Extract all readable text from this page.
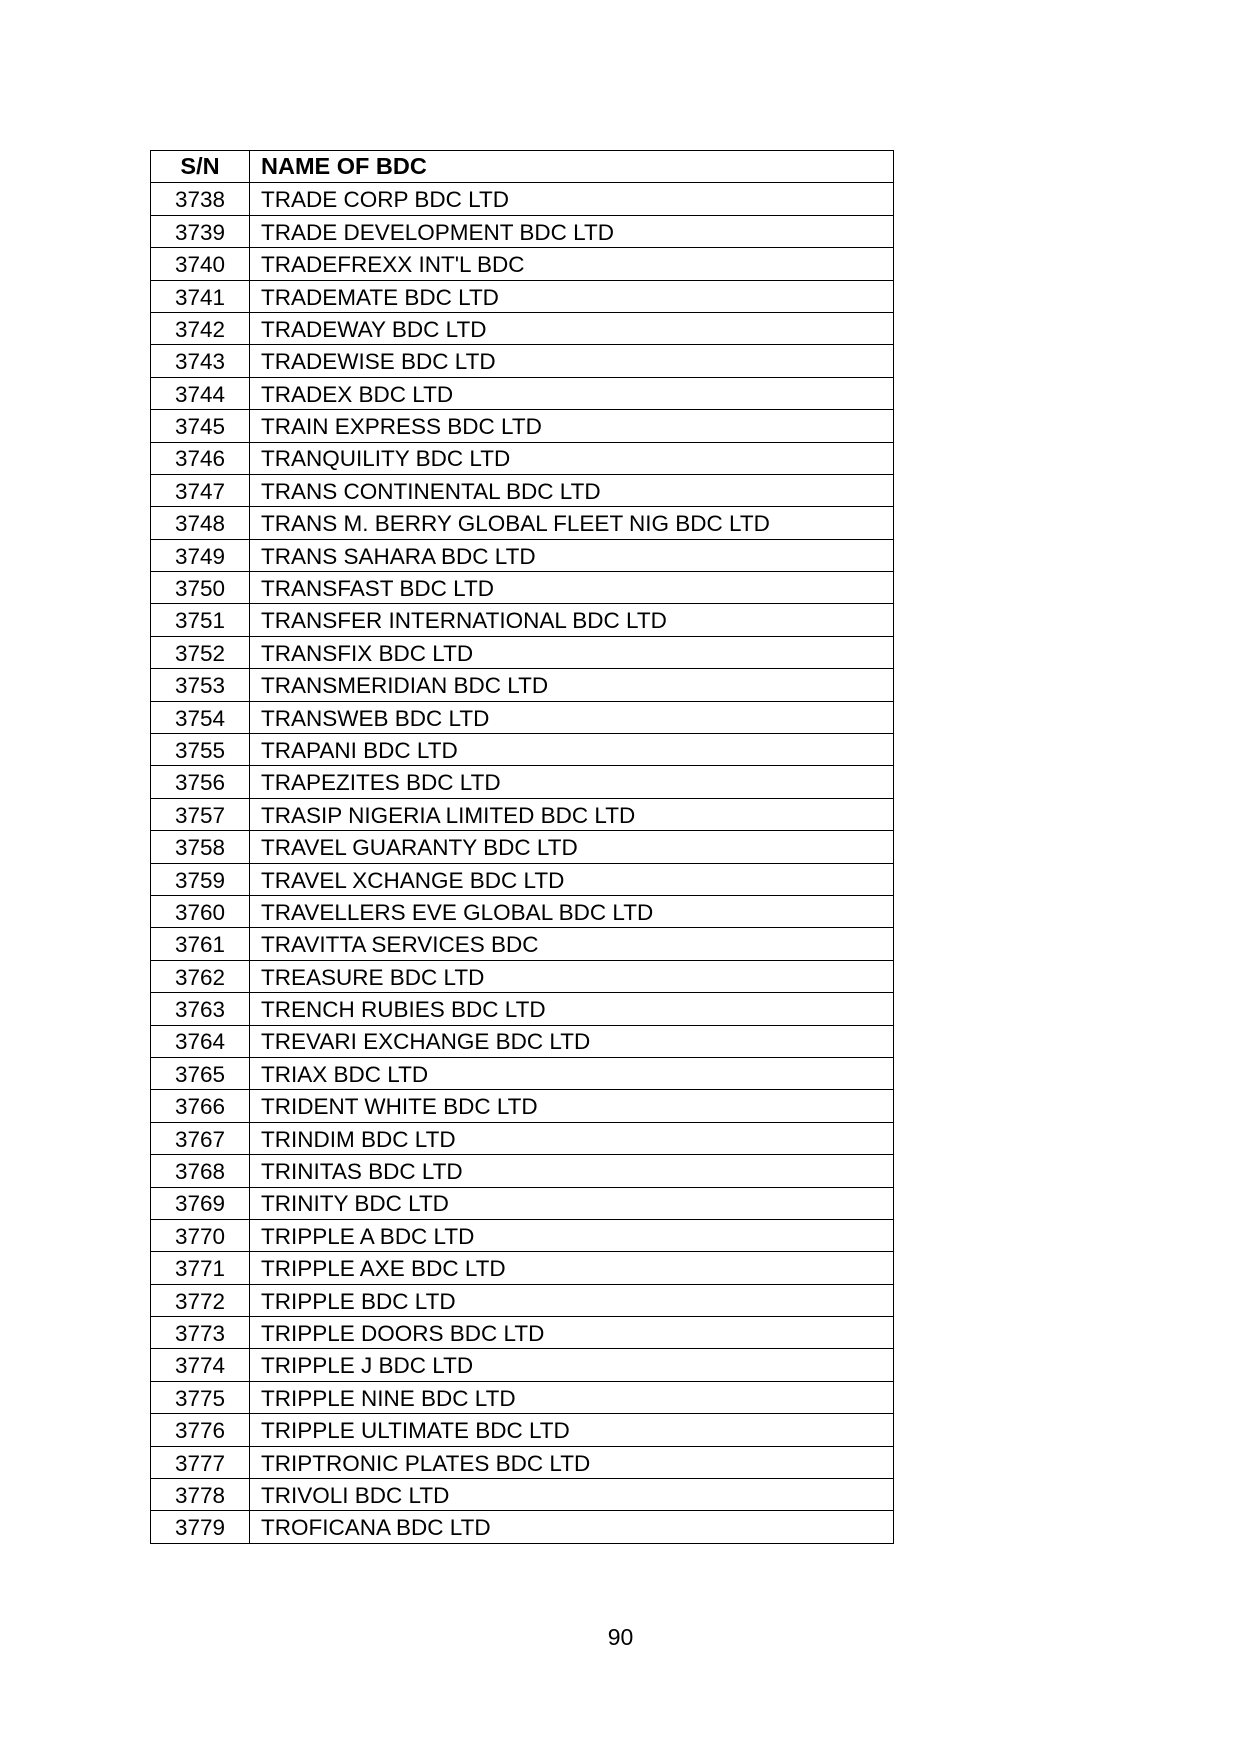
S/N	NAME OF BDC
3738	TRADE CORP BDC LTD
3739	TRADE DEVELOPMENT BDC LTD
3740	TRADEFREXX INT'L BDC
3741	TRADEMATE BDC LTD
3742	TRADEWAY BDC LTD
3743	TRADEWISE BDC LTD
3744	TRADEX BDC LTD
3745	TRAIN EXPRESS BDC LTD
3746	TRANQUILITY BDC LTD
3747	TRANS CONTINENTAL BDC LTD
3748	TRANS M. BERRY GLOBAL FLEET NIG BDC LTD
3749	TRANS SAHARA BDC LTD
3750	TRANSFAST BDC LTD
3751	TRANSFER INTERNATIONAL BDC LTD
3752	TRANSFIX BDC LTD
3753	TRANSMERIDIAN BDC LTD
3754	TRANSWEB BDC LTD
3755	TRAPANI BDC LTD
3756	TRAPEZITES BDC LTD
3757	TRASIP NIGERIA LIMITED BDC LTD
3758	TRAVEL GUARANTY BDC LTD
3759	TRAVEL XCHANGE BDC LTD
3760	TRAVELLERS EVE GLOBAL BDC LTD
3761	TRAVITTA SERVICES BDC
3762	TREASURE BDC LTD
3763	TRENCH RUBIES BDC LTD
3764	TREVARI EXCHANGE BDC LTD
3765	TRIAX BDC LTD
3766	TRIDENT WHITE BDC LTD
3767	TRINDIM BDC LTD
3768	TRINITAS BDC LTD
3769	TRINITY BDC LTD
3770	TRIPPLE A BDC LTD
3771	TRIPPLE AXE BDC LTD
3772	TRIPPLE BDC LTD
3773	TRIPPLE DOORS BDC LTD
3774	TRIPPLE J BDC LTD
3775	TRIPPLE NINE BDC LTD
3776	TRIPPLE ULTIMATE BDC LTD
3777	TRIPTRONIC PLATES BDC LTD
3778	TRIVOLI BDC LTD
3779	TROFICANA BDC LTD
90
